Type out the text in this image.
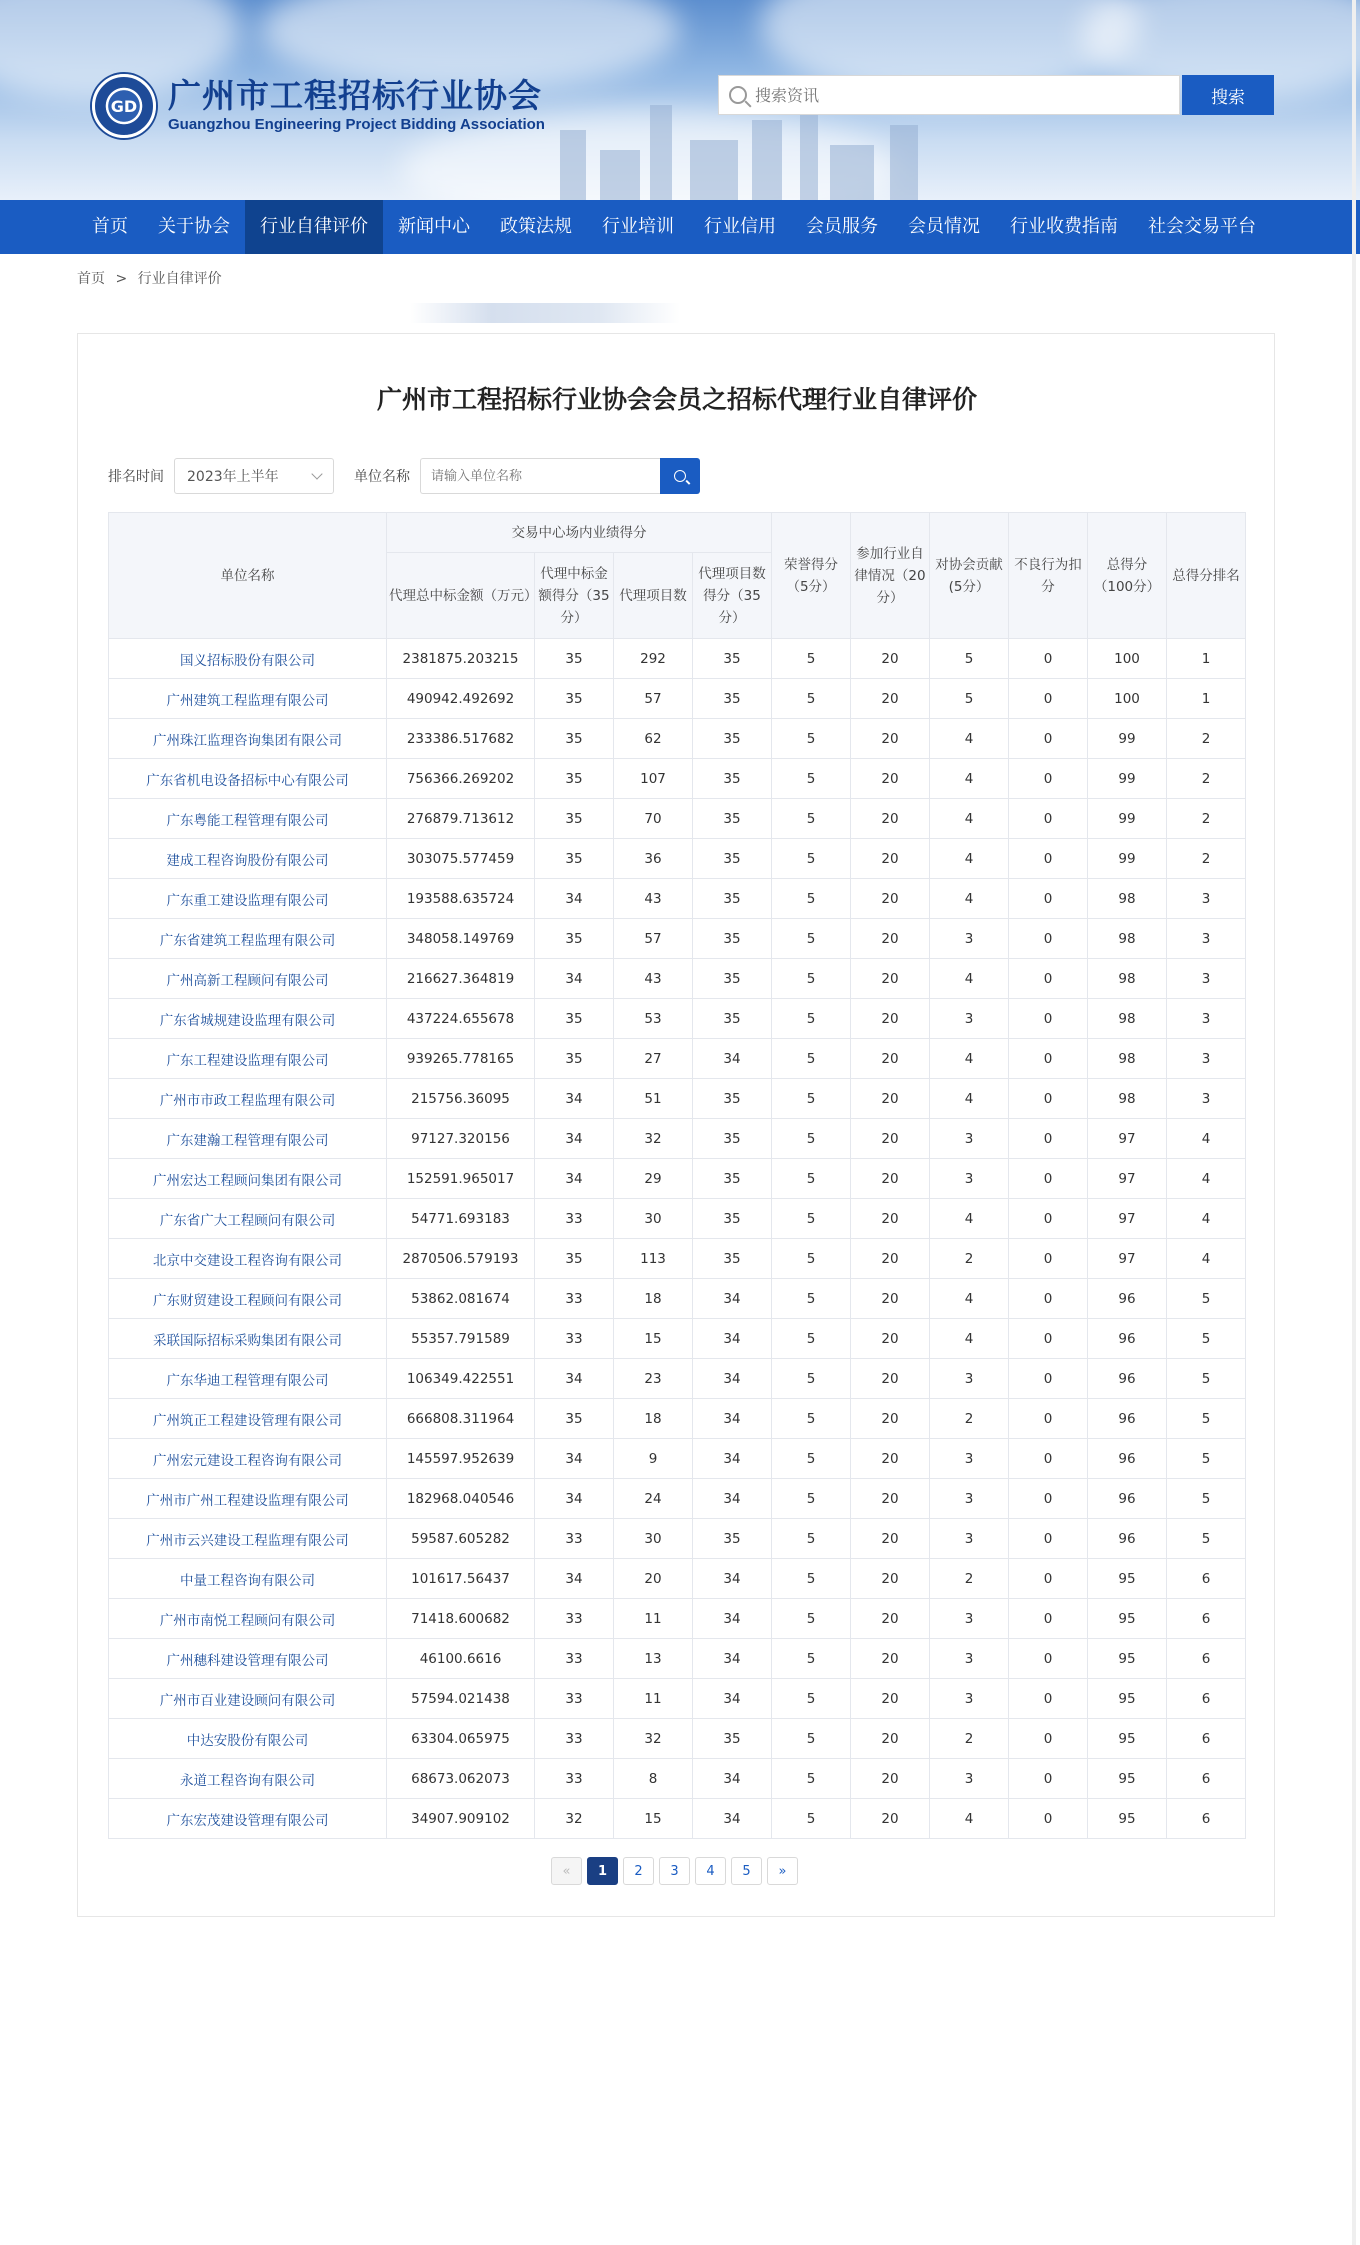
GD 广州市工程招标行业协会
Guangzhou Engineering Project Bidding Association
搜索资讯
搜索
首页	关于协会	行业自律评价	新闻中心	政策法规	行业培训	行业信用	会员服务	会员情况	行业收费指南	社会交易平台
首页 > 行业自律评价
广州市工程招标行业协会会员之招标代理行业自律评价
排名时间 2023年上半年	单位名称
请输入单位名称
单位名称	交易中心场内业绩得分				荣誉得分（5分）	参加行业自律情况（20分）	对协会贡献(5分）	不良行为扣分	总得分（100分）	总得分排名
	代理总中标金额（万元）	代理中标金额得分（35分）	代理项目数	代理项目数得分（35分）						
国义招标股份有限公司	2381875.203215	35	292	35	5	20	5	0	100	1
广州建筑工程监理有限公司	490942.492692	35	57	35	5	20	5	0	100	1
广州珠江监理咨询集团有限公司	233386.517682	35	62	35	5	20	4	0	99	2
广东省机电设备招标中心有限公司	756366.269202	35	107	35	5	20	4	0	99	2
广东粤能工程管理有限公司	276879.713612	35	70	35	5	20	4	0	99	2
建成工程咨询股份有限公司	303075.577459	35	36	35	5	20	4	0	99	2
广东重工建设监理有限公司	193588.635724	34	43	35	5	20	4	0	98	3
广东省建筑工程监理有限公司	348058.149769	35	57	35	5	20	3	0	98	3
广州高新工程顾问有限公司	216627.364819	34	43	35	5	20	4	0	98	3
广东省城规建设监理有限公司	437224.655678	35	53	35	5	20	3	0	98	3
广东工程建设监理有限公司	939265.778165	35	27	34	5	20	4	0	98	3
广州市市政工程监理有限公司	215756.36095	34	51	35	5	20	4	0	98	3
广东建瀚工程管理有限公司	97127.320156	34	32	35	5	20	3	0	97	4
广州宏达工程顾问集团有限公司	152591.965017	34	29	35	5	20	3	0	97	4
广东省广大工程顾问有限公司	54771.693183	33	30	35	5	20	4	0	97	4
北京中交建设工程咨询有限公司	2870506.579193	35	113	35	5	20	2	0	97	4
广东财贸建设工程顾问有限公司	53862.081674	33	18	34	5	20	4	0	96	5
采联国际招标采购集团有限公司	55357.791589	33	15	34	5	20	4	0	96	5
广东华迪工程管理有限公司	106349.422551	34	23	34	5	20	3	0	96	5
广州筑正工程建设管理有限公司	666808.311964	35	18	34	5	20	2	0	96	5
广州宏元建设工程咨询有限公司	145597.952639	34	9	34	5	20	3	0	96	5
广州市广州工程建设监理有限公司	182968.040546	34	24	34	5	20	3	0	96	5
广州市云兴建设工程监理有限公司	59587.605282	33	30	35	5	20	3	0	96	5
中量工程咨询有限公司	101617.56437	34	20	34	5	20	2	0	95	6
广州市南悦工程顾问有限公司	71418.600682	33	11	34	5	20	3	0	95	6
广州穗科建设管理有限公司	46100.6616	33	13	34	5	20	3	0	95	6
广州市百业建设顾问有限公司	57594.021438	33	11	34	5	20	3	0	95	6
中达安股份有限公司	63304.065975	33	32	35	5	20	2	0	95	6
永道工程咨询有限公司	68673.062073	33	8	34	5	20	3	0	95	6
广东宏茂建设管理有限公司	34907.909102	32	15	34	5	20	4	0	95	6
«	1	2	3	4	5	»
